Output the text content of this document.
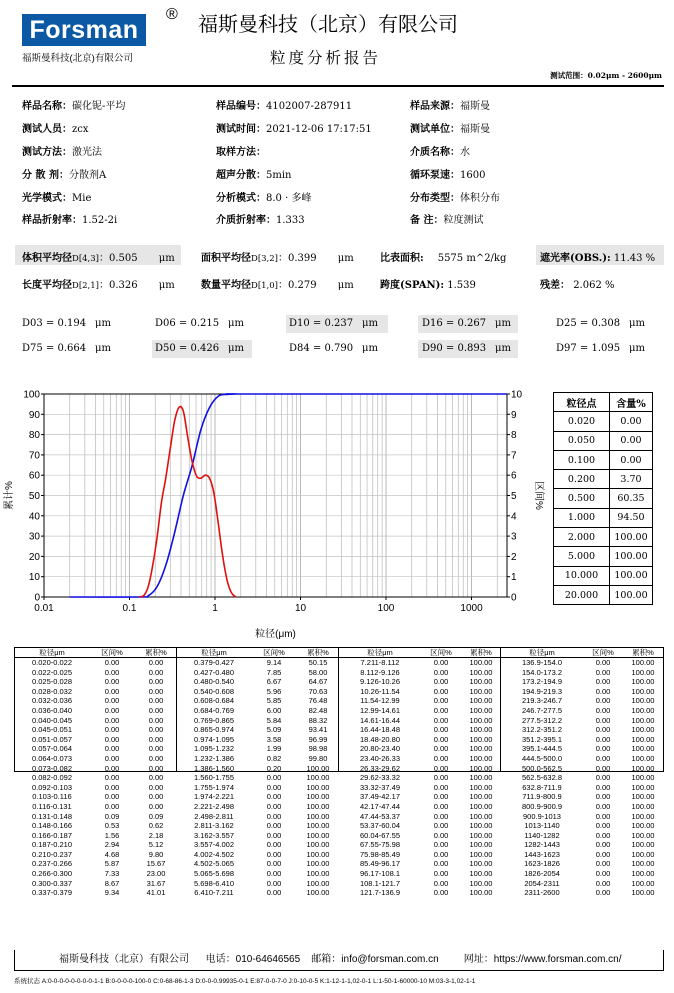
Forsman
®
福斯曼科技(北京)有限公司
福斯曼科技（北京）有限公司
粒度分析报告
测试范围：0.02μm - 2600μm
样品名称：碳化铌-平均	样品编号：4102007-287911	样品来源：福斯曼
测试人员：zcx	测试时间：2021-12-06 17:17:51	测试单位：福斯曼
测试方法：激光法	取样方法：	介质名称：水
分 散 剂：分散剂A	超声分散：5min	循环泵速：1600
光学模式：Mie	分析模式：8.0 · 多峰	分布类型：体积分布
样品折射率：1.52-2i	介质折射率：1.333	备 注：粒度测试
体积平均径D[4,3]：0.505 μm	面积平均径D[3,2]：0.399 μm	比表面积: 5575 m^2/kg	遮光率(OBS.): 11.43 %
长度平均径D[2,1]：0.326 μm	数量平均径D[1,0]：0.279 μm	跨度(SPAN): 1.539	残差： 2.062 %
D03 = 0.194 μm	D06 = 0.215 μm	D10 = 0.237 μm	D16 = 0.267 μm	D25 = 0.308 μm
D75 = 0.664 μm	D50 = 0.426 μm	D84 = 0.790 μm	D90 = 0.893 μm	D97 = 1.095 μm
100
90
80
70
60
50
40
30
20
10
0
10
9
8
7
6
5
4
3
2
1
0
0.01	0.1	1	10	100	1000
粒径(μm)
累计%	区间%
粒径点	含量%
0.020	0.00
0.050	0.00
0.100	0.00
0.200	3.70
0.500	60.35
1.000	94.50
2.000	100.00
5.000	100.00
10.000	100.00
20.000	100.00
粒径μm	区间%	累积%
0.020-0.022	0.00	0.00
0.022-0.025	0.00	0.00
0.025-0.028	0.00	0.00
0.028-0.032	0.00	0.00
0.032-0.036	0.00	0.00
0.036-0.040	0.00	0.00
0.040-0.045	0.00	0.00
0.045-0.051	0.00	0.00
0.051-0.057	0.00	0.00
0.057-0.064	0.00	0.00
0.064-0.073	0.00	0.00
0.073-0.082	0.00	0.00
0.082-0.092	0.00	0.00
0.092-0.103	0.00	0.00
0.103-0.116	0.00	0.00
0.116-0.131	0.00	0.00
0.131-0.148	0.09	0.09
0.148-0.166	0.53	0.62
0.166-0.187	1.56	2.18
0.187-0.210	2.94	5.12
0.210-0.237	4.68	9.80
0.237-0.266	5.87	15.67
0.266-0.300	7.33	23.00
0.300-0.337	8.67	31.67
0.337-0.379	9.34	41.01
粒径μm	区间%	累积%
0.379-0.427	9.14	50.15
0.427-0.480	7.85	58.00
0.480-0.540	6.67	64.67
0.540-0.608	5.96	70.63
0.608-0.684	5.85	76.48
0.684-0.769	6.00	82.48
0.769-0.865	5.84	88.32
0.865-0.974	5.09	93.41
0.974-1.095	3.58	96.99
1.095-1.232	1.99	98.98
1.232-1.386	0.82	99.80
1.386-1.560	0.20	100.00
1.560-1.755	0.00	100.00
1.755-1.974	0.00	100.00
1.974-2.221	0.00	100.00
2.221-2.498	0.00	100.00
2.498-2.811	0.00	100.00
2.811-3.162	0.00	100.00
3.162-3.557	0.00	100.00
3.557-4.002	0.00	100.00
4.002-4.502	0.00	100.00
4.502-5.065	0.00	100.00
5.065-5.698	0.00	100.00
5.698-6.410	0.00	100.00
6.410-7.211	0.00	100.00
粒径μm	区间%	累积%
7.211-8.112	0.00	100.00
8.112-9.126	0.00	100.00
9.126-10.26	0.00	100.00
10.26-11.54	0.00	100.00
11.54-12.99	0.00	100.00
12.99-14.61	0.00	100.00
14.61-16.44	0.00	100.00
16.44-18.48	0.00	100.00
18.48-20.80	0.00	100.00
20.80-23.40	0.00	100.00
23.40-26.33	0.00	100.00
26.33-29.62	0.00	100.00
29.62-33.32	0.00	100.00
33.32-37.49	0.00	100.00
37.49-42.17	0.00	100.00
42.17-47.44	0.00	100.00
47.44-53.37	0.00	100.00
53.37-60.04	0.00	100.00
60.04-67.55	0.00	100.00
67.55-75.98	0.00	100.00
75.98-85.49	0.00	100.00
85.49-96.17	0.00	100.00
96.17-108.1	0.00	100.00
108.1-121.7	0.00	100.00
121.7-136.9	0.00	100.00
粒径μm	区间%	累积%
136.9-154.0	0.00	100.00
154.0-173.2	0.00	100.00
173.2-194.9	0.00	100.00
194.9-219.3	0.00	100.00
219.3-246.7	0.00	100.00
246.7-277.5	0.00	100.00
277.5-312.2	0.00	100.00
312.2-351.2	0.00	100.00
351.2-395.1	0.00	100.00
395.1-444.5	0.00	100.00
444.5-500.0	0.00	100.00
500.0-562.5	0.00	100.00
562.5-632.8	0.00	100.00
632.8-711.9	0.00	100.00
711.9-800.9	0.00	100.00
800.9-900.9	0.00	100.00
900.9-1013	0.00	100.00
1013-1140	0.00	100.00
1140-1282	0.00	100.00
1282-1443	0.00	100.00
1443-1623	0.00	100.00
1623-1826	0.00	100.00
1826-2054	0.00	100.00
2054-2311	0.00	100.00
2311-2600	0.00	100.00
福斯曼科技（北京）有限公司      电话：010-64646565    邮箱：info@forsman.com.cn         网址：https://www.forsman.com.cn/
系统状态 A:0-0-0-0-0-0-0-0-1-1 B:0-0-0-0-100-0 C:0-68-86-1-3 D:0-0-0.99935-0-1 E:87-0-0-7-0 J:0-10-0-5 K:1-12-1-1,02-0-1 L:1-50-1-60000-10 M:03-3-1,02-1-1
